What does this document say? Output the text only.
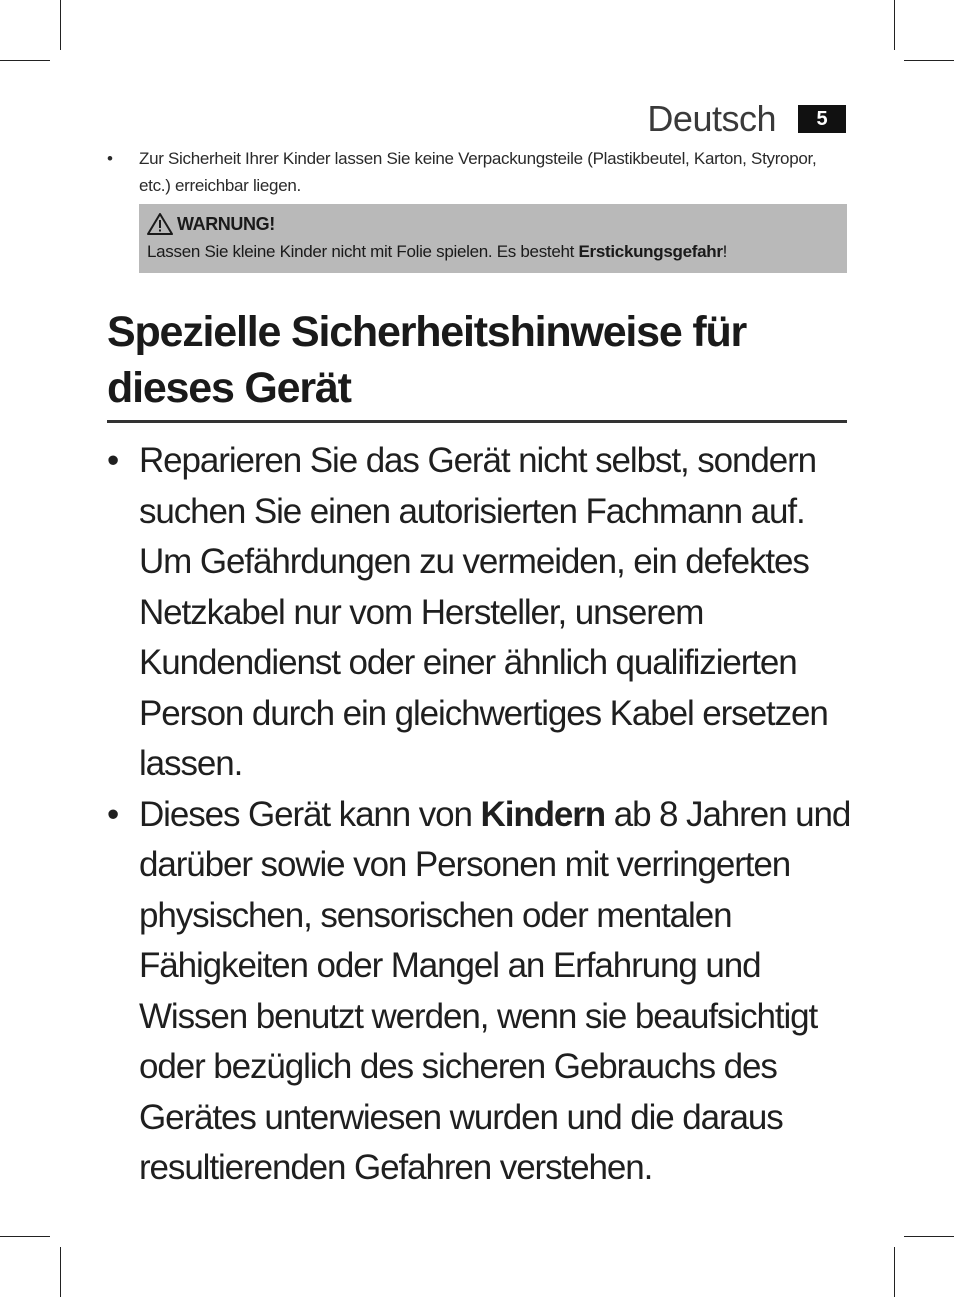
Deutsch	5
• Zur Sicherheit Ihrer Kinder lassen Sie keine Verpackungsteile (Plastikbeutel, Karton, Styropor, etc.) erreichbar liegen.
WARNUNG!
Lassen Sie kleine Kinder nicht mit Folie spielen. Es besteht Erstickungsgefahr!
Spezielle Sicherheitshinweise für dieses Gerät
• Reparieren Sie das Gerät nicht selbst, sondern suchen Sie einen autorisierten Fachmann auf. Um Gefährdungen zu vermeiden, ein defektes Netzkabel nur vom Hersteller, unserem Kundendienst oder einer ähnlich qualifizierten Person durch ein gleichwertiges Kabel ersetzen lassen.
• Dieses Gerät kann von Kindern ab 8 Jahren und darüber sowie von Personen mit verringerten physischen, sensorischen oder mentalen Fähigkeiten oder Mangel an Erfahrung und Wissen benutzt werden, wenn sie beaufsichtigt oder bezüglich des sicheren Gebrauchs des Gerätes unterwiesen wurden und die daraus resultierenden Gefahren verstehen.
